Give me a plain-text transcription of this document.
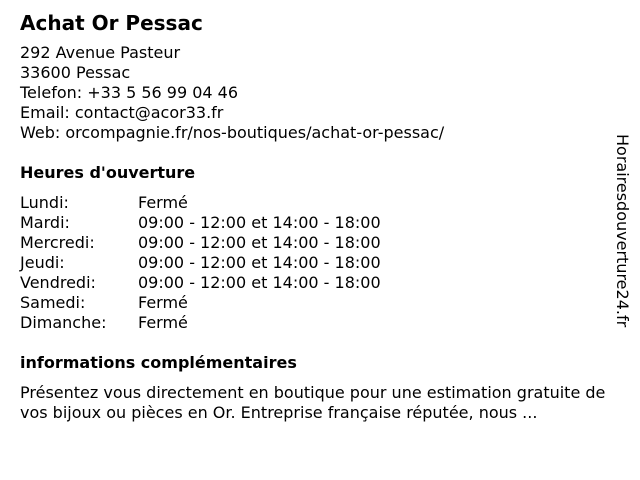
Achat Or Pessac
292 Avenue Pasteur
33600 Pessac
Telefon: +33 5 56 99 04 46
Email: contact@acor33.fr
Web: orcompagnie.fr/nos-boutiques/achat-or-pessac/
Heures d'ouverture
Lundi:	Fermé
Mardi:	09:00 - 12:00 et 14:00 - 18:00
Mercredi:	09:00 - 12:00 et 14:00 - 18:00
Jeudi:	09:00 - 12:00 et 14:00 - 18:00
Vendredi:	09:00 - 12:00 et 14:00 - 18:00
Samedi:	Fermé
Dimanche:	Fermé
informations complémentaires
Présentez vous directement en boutique pour une estimation gratuite de vos bijoux ou pièces en Or. Entreprise française réputée, nous ...
Horairesdouverture24.fr
